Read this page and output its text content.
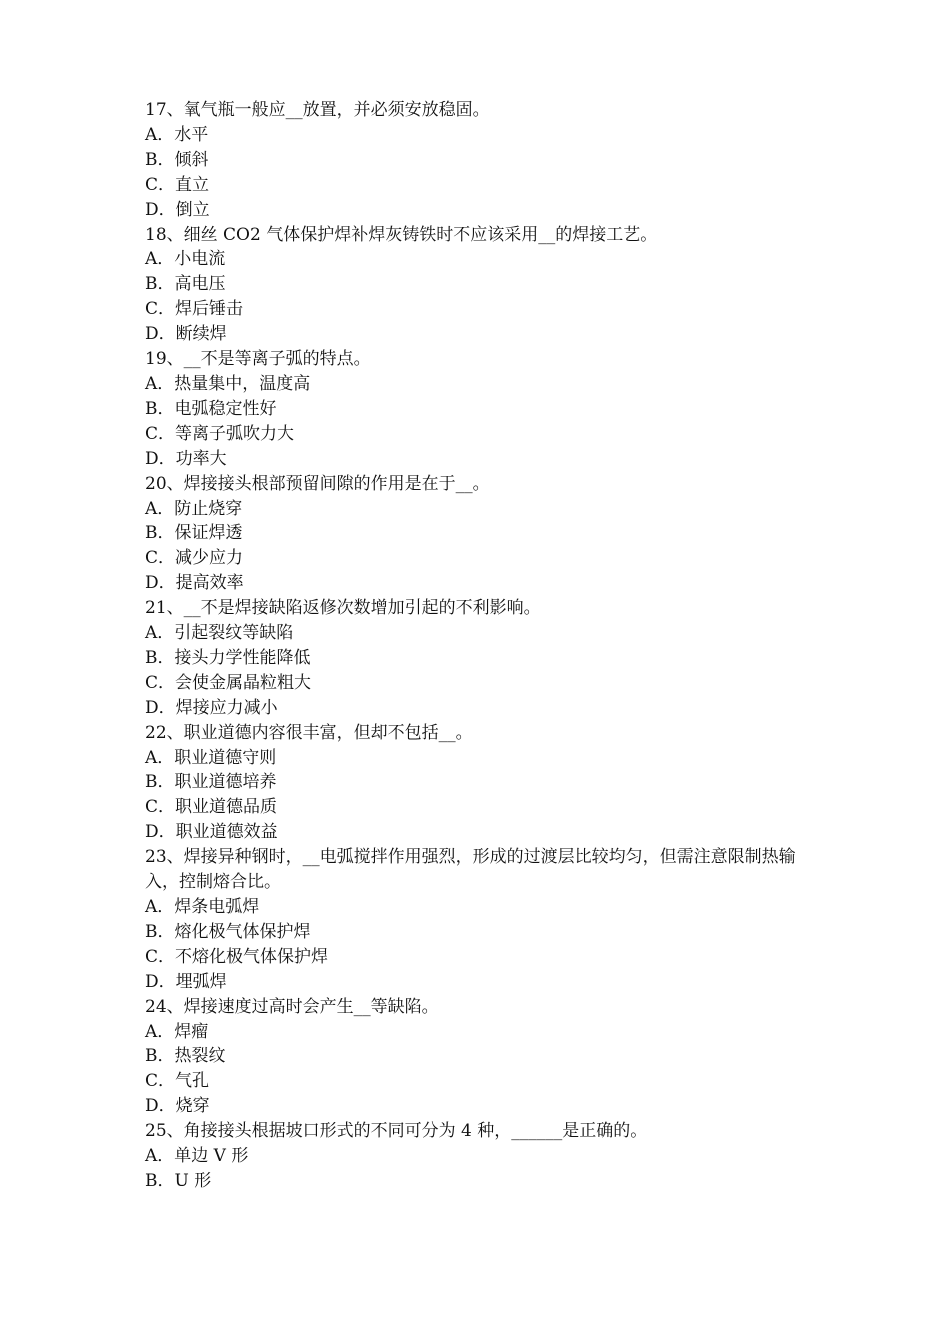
17、氧气瓶一般应__放置，并必须安放稳固。

A．水平

B．倾斜

C．直立

D．倒立

18、细丝 CO2 气体保护焊补焊灰铸铁时不应该采用__的焊接工艺。

A．小电流

B．高电压

C．焊后锤击

D．断续焊

19、__不是等离子弧的特点。

A．热量集中，温度高

B．电弧稳定性好

C．等离子弧吹力大

D．功率大

20、焊接接头根部预留间隙的作用是在于__。

A．防止烧穿

B．保证焊透

C．减少应力

D．提高效率

21、__不是焊接缺陷返修次数增加引起的不利影响。

A．引起裂纹等缺陷

B．接头力学性能降低

C．会使金属晶粒粗大

D．焊接应力减小

22、职业道德内容很丰富，但却不包括__。

A．职业道德守则

B．职业道德培养

C．职业道德品质

D．职业道德效益

23、焊接异种钢时，__电弧搅拌作用强烈，形成的过渡层比较均匀，但需注意限制热输入，控制熔合比。

A．焊条电弧焊

B．熔化极气体保护焊

C．不熔化极气体保护焊

D．埋弧焊

24、焊接速度过高时会产生__等缺陷。

A．焊瘤

B．热裂纹

C．气孔

D．烧穿

25、角接接头根据坡口形式的不同可分为 4 种，______是正确的。

A．单边 V 形

B．U 形
